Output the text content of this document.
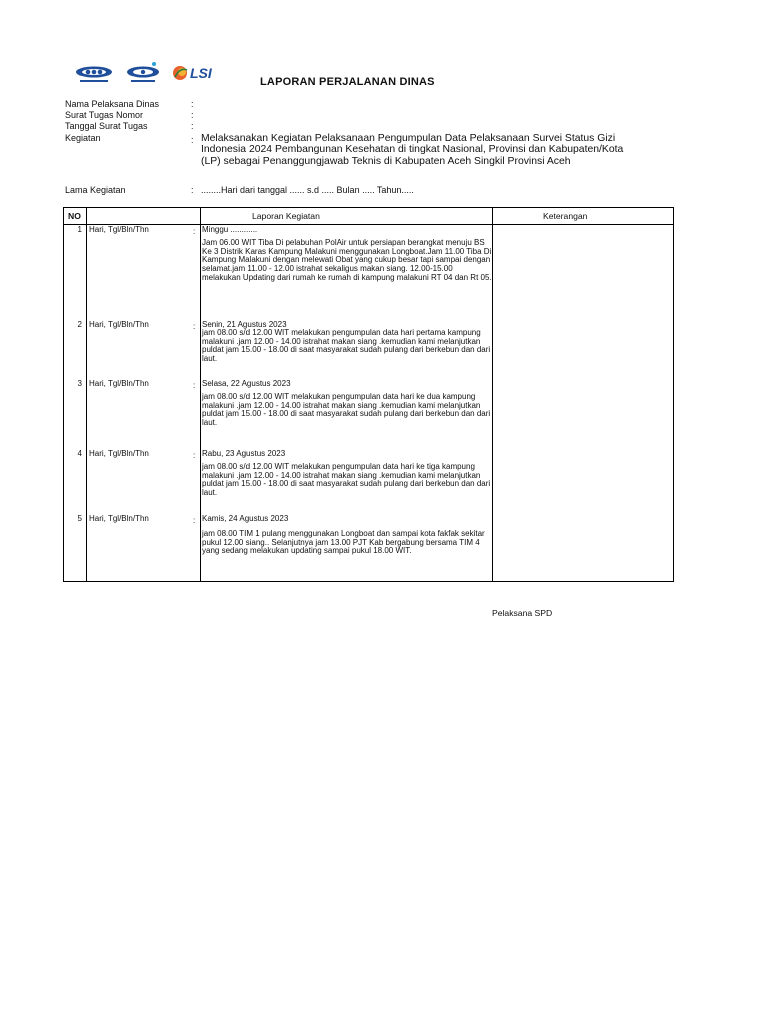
LSI
LAPORAN PERJALANAN DINAS
Nama Pelaksana Dinas	:
Surat Tugas Nomor	:
Tanggal Surat Tugas	:
Kegiatan	: Melaksanakan Kegiatan Pelaksanaan Pengumpulan Data Pelaksanaan Survei Status Gizi Indonesia 2024 Pembangunan Kesehatan di tingkat Nasional, Provinsi dan Kabupaten/Kota (LP) sebagai Penanggungjawab Teknis di Kabupaten Aceh Singkil Provinsi Aceh
Lama Kegiatan	: ........Hari dari tanggal ...... s.d ..... Bulan ..... Tahun.....
NO	Laporan Kegiatan	Keterangan
1 Hari, Tgl/Bln/Thn	: Minggu ............
Jam 06.00 WIT Tiba Di pelabuhan PolAir untuk persiapan berangkat menuju BS Ke 3 Distrik Karas Kampung Malakuni menggunakan Longboat.Jam 11.00 Tiba Di Kampung Malakuni dengan melewati Obat yang cukup besar tapi sampai dengan selamat.jam 11.00 - 12.00 istrahat sekaligus makan siang. 12.00-15.00 melakukan Updating dari rumah ke rumah di kampung malakuni RT 04 dan Rt 05.
2 Hari, Tgl/Bln/Thn	: Senin, 21 Agustus 2023
jam 08.00 s/d 12.00 WIT melakukan pengumpulan data hari pertama kampung malakuni .jam 12.00 - 14.00 istrahat makan siang .kemudian kami melanjutkan puldat jam 15.00 - 18.00 di saat masyarakat sudah pulang dari berkebun dan dari laut.
3 Hari, Tgl/Bln/Thn	: Selasa, 22 Agustus 2023
jam 08.00 s/d 12.00 WIT melakukan pengumpulan data hari ke dua kampung malakuni .jam 12.00 - 14.00 istrahat makan siang .kemudian kami melanjutkan puldat jam 15.00 - 18.00 di saat masyarakat sudah pulang dari berkebun dan dari laut.
4 Hari, Tgl/Bln/Thn	: Rabu, 23 Agustus 2023
jam 08.00 s/d 12.00 WIT melakukan pengumpulan data hari ke tiga kampung malakuni .jam 12.00 - 14.00 istrahat makan siang .kemudian kami melanjutkan puldat jam 15.00 - 18.00 di saat masyarakat sudah pulang dari berkebun dan dari laut.
5 Hari, Tgl/Bln/Thn	: Kamis, 24 Agustus 2023
jam 08.00 TIM 1 pulang menggunakan Longboat dan sampai kota fakfak sekitar pukul 12.00 siang.. Selanjutnya jam 13.00 PJT Kab bergabung bersama TIM 4 yang sedang melakukan updating sampai pukul 18.00 WIT.
Pelaksana SPD
